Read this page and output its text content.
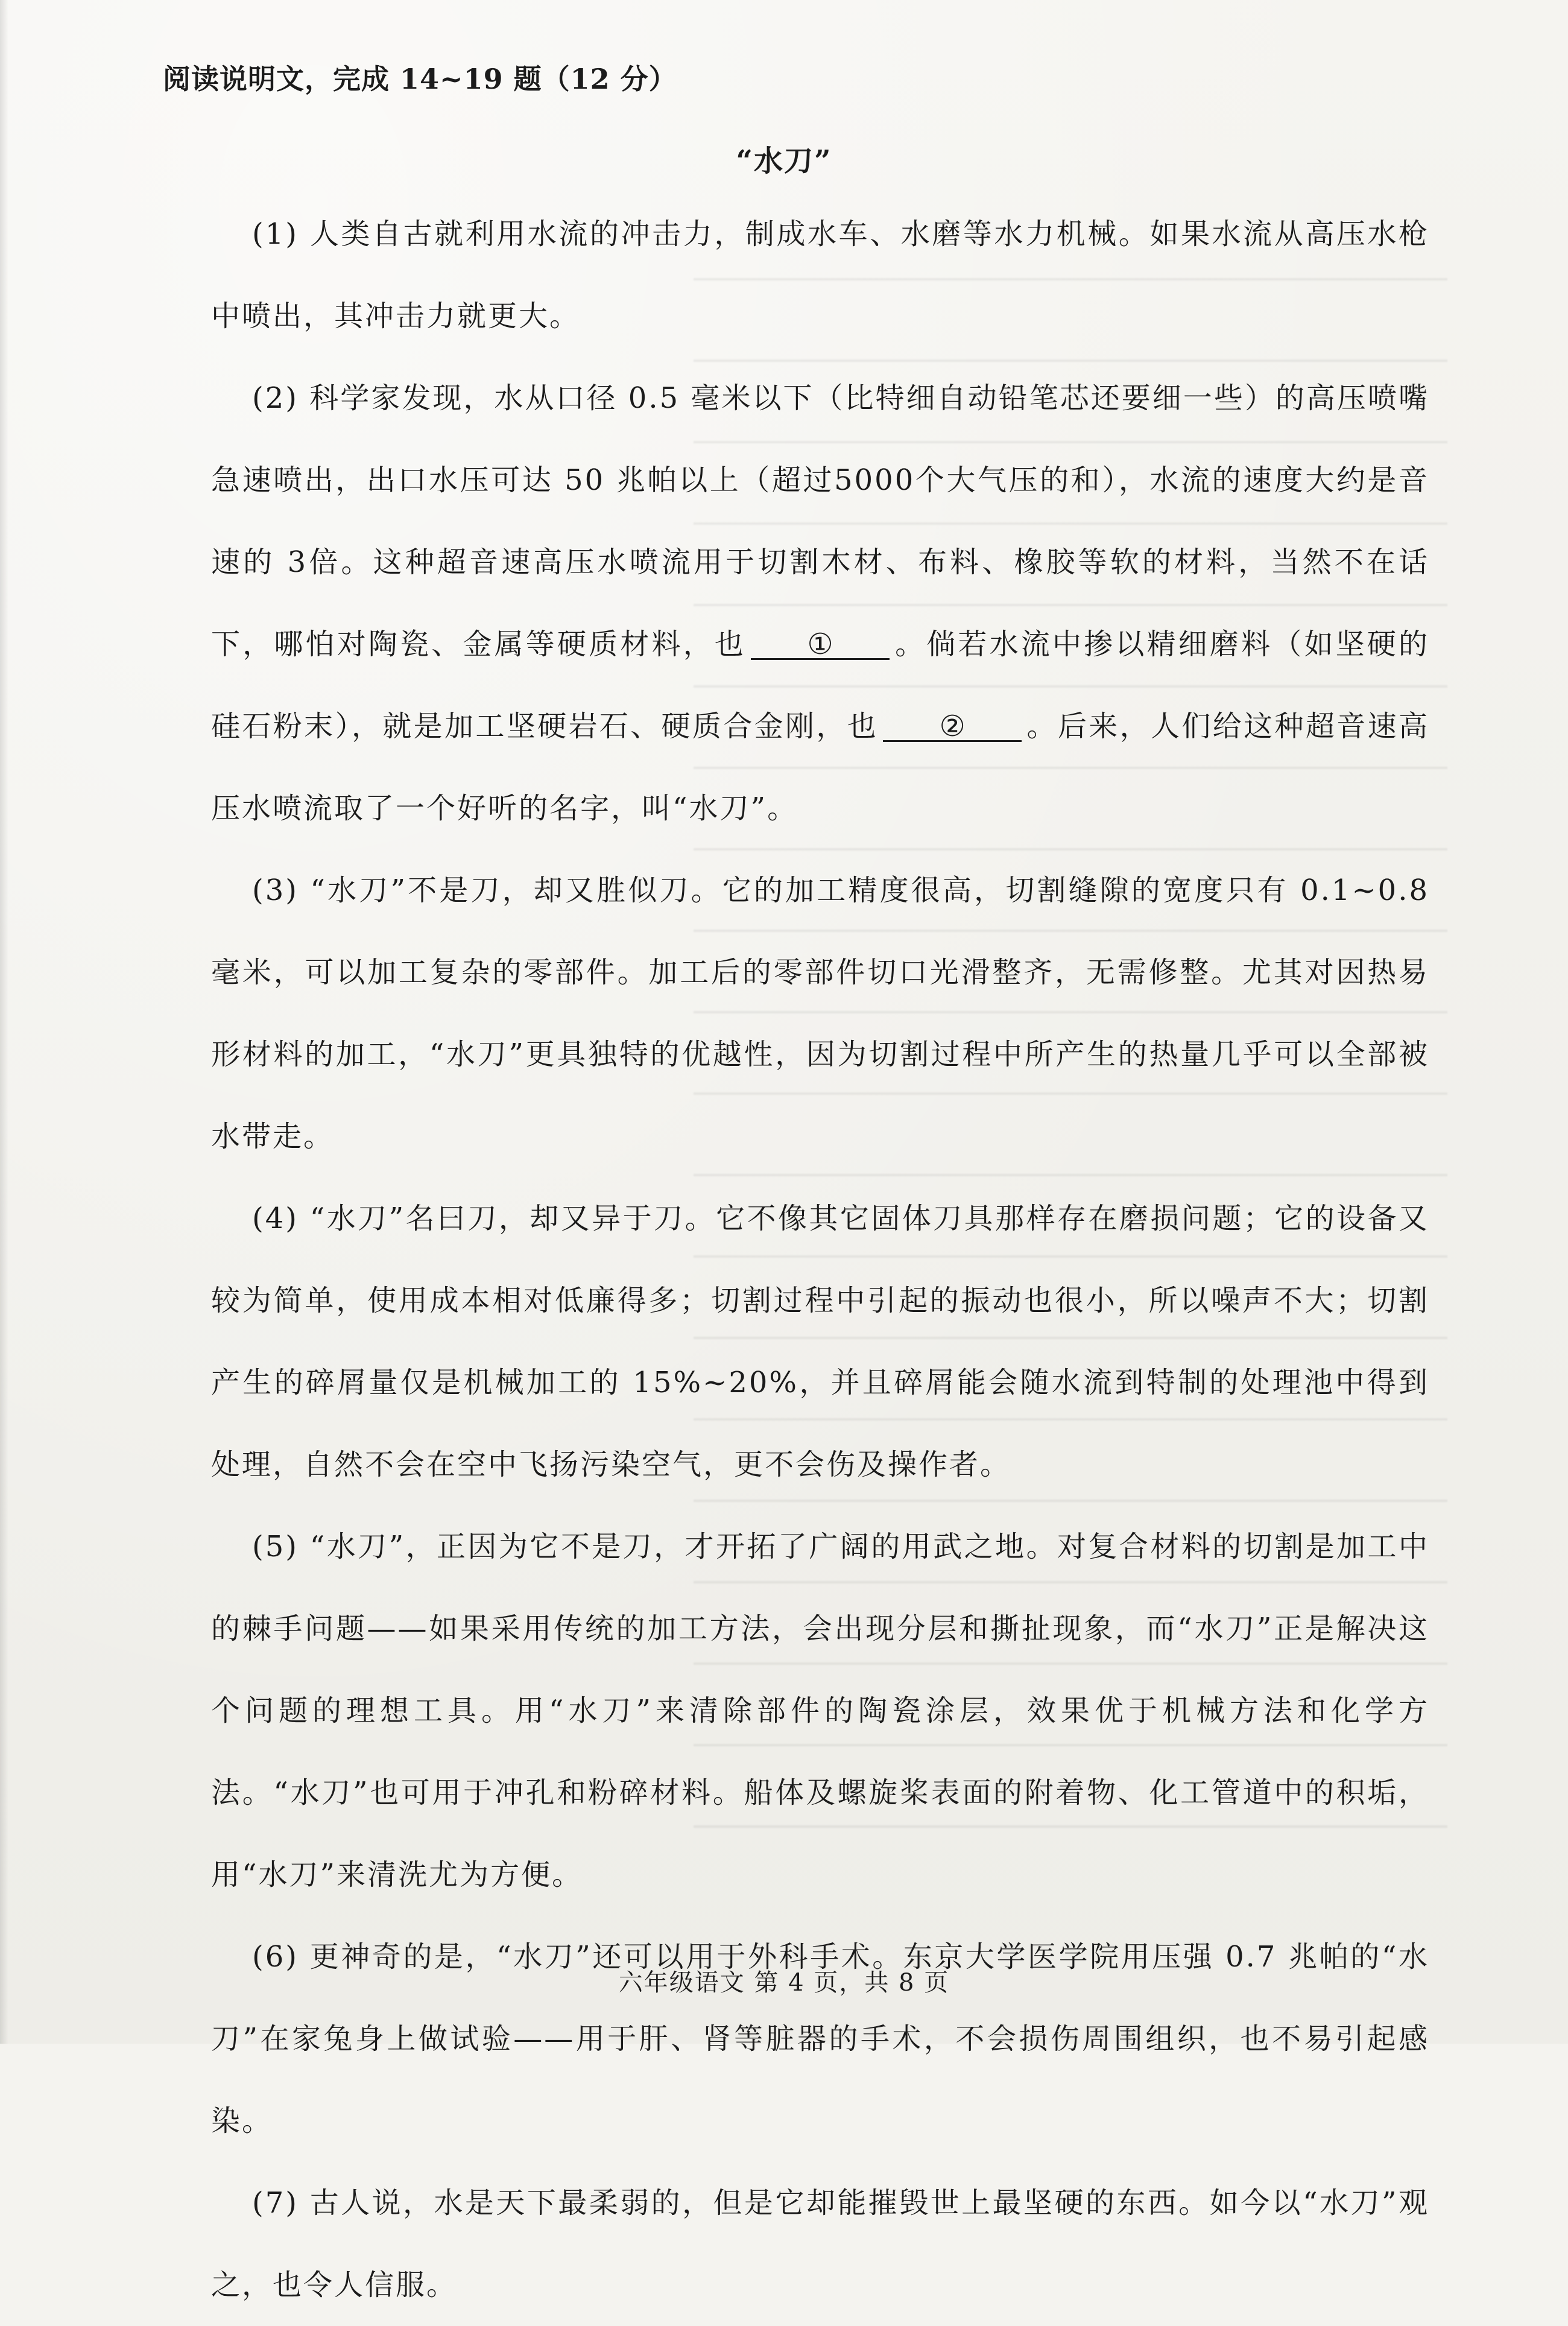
阅读说明文，完成 14~19 题（12 分）
“水刀”

(1) 人类自古就利用水流的冲击力，制成水车、水磨等水力机械。如果水流从高压水枪中喷出，其冲击力就更大。

(2) 科学家发现，水从口径 0.5 毫米以下（比特细自动铅笔芯还要细一些）的高压喷嘴急速喷出，出口水压可达 50 兆帕以上（超过5000个大气压的和），水流的速度大约是音速的 3倍。这种超音速高压水喷流用于切割木材、布料、橡胶等软的材料，当然不在话下，哪怕对陶瓷、金属等硬质材料，也 ① 。倘若水流中掺以精细磨料（如坚硬的硅石粉末），就是加工坚硬岩石、硬质合金刚，也 ② 。后来，人们给这种超音速高压水喷流取了一个好听的名字，叫“水刀”。

(3) “水刀”不是刀，却又胜似刀。它的加工精度很高，切割缝隙的宽度只有 0.1~0.8 毫米，可以加工复杂的零部件。加工后的零部件切口光滑整齐，无需修整。尤其对因热易形材料的加工，“水刀”更具独特的优越性，因为切割过程中所产生的热量几乎可以全部被水带走。

(4) “水刀”名曰刀，却又异于刀。它不像其它固体刀具那样存在磨损问题；它的设备又较为简单，使用成本相对低廉得多；切割过程中引起的振动也很小，所以噪声不大；切割产生的碎屑量仅是机械加工的 15%~20%，并且碎屑能会随水流到特制的处理池中得到处理，自然不会在空中飞扬污染空气，更不会伤及操作者。

(5) “水刀”，正因为它不是刀，才开拓了广阔的用武之地。对复合材料的切割是加工中的棘手问题——如果采用传统的加工方法，会出现分层和撕扯现象，而“水刀”正是解决这个问题的理想工具。用“水刀”来清除部件的陶瓷涂层，效果优于机械方法和化学方法。“水刀”也可用于冲孔和粉碎材料。船体及螺旋桨表面的附着物、化工管道中的积垢，用“水刀”来清洗尤为方便。

(6) 更神奇的是，“水刀”还可以用于外科手术。东京大学医学院用压强 0.7 兆帕的“水刀”在家兔身上做试验——用于肝、肾等脏器的手术，不会损伤周围组织，也不易引起感染。

(7) 古人说，水是天下最柔弱的，但是它却能摧毁世上最坚硬的东西。如今以“水刀”观之，也令人信服。

六年级语文 第 4 页，共 8 页
